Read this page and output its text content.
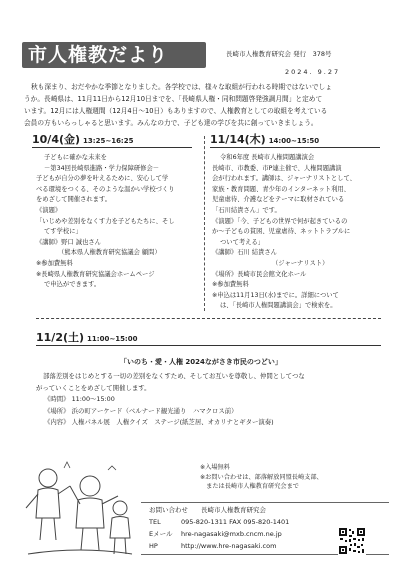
市人権教だより	長崎市人権教育研究会 発行　378号
2024. 9.27

秋も深まり、おだやかな季節となりました。各学校では、様々な取組が行われる時期ではないでしょ

うか。長崎県は、11月11日から12月10日までを、「長崎県人権・同和問題啓発強調月間」と定めて
います。12月には人権週間（12月4日～10日）もありますので、人権教育としての取組を考えている
会員の方もいらっしゃると思います。みんなの力で、子ども達の学びを共に創っていきましょう。
10/4(金) 13:25~16:25

子どもに確かな未来を

－第34回長崎県進路・学力保障研修会－

子どもが自分の夢を叶えるために、安心して学

べる環境をつくる、そのような温かい学校づくり

をめざして開催されます。

《演題》

「いじめや差別をなくす力を子どもたちに、そし

てす学校に」

《講師》野口 誠也さん

（熊本県人権教育研究協議会 顧問）

※参加費無料

※長崎県人権教育研究協議会ホームページ

で申込ができます。

11/14(木) 14:00~15:50

令和6年度 長崎市人権問題講演会

長崎市、市教委、市P連主催で、人権問題講演

会が行われます。講師は、ジャーナリストとして、

家族・教育問題、青少年のインターネット利用、

児童虐待、介護などをテーマに取材されている

「石川結貴さん」です。

《演題》「今、子どもの世界で何が起きているの

か～子どもの貧困、児童虐待、ネットトラブルに

ついて考える」

《講師》石川 結貴さん

（ジャーナリスト）

《場所》長崎市民会館文化ホール

※参加費無料

※申込は11月13日(水)までに。詳細について

は、「長崎市人権問題講演会」で検索を。

11/2(土) 11:00~15:00
「いのち・愛・人権 2024ながさき市民のつどい」

部落差別をはじめとする一切の差別をなくすため、そしてお互いを尊敬し、仲間としてつな

がっていくことをめざして開催します。

《時間》 11:00～15:00

《場所》 浜の町アーケード（ベルナード観光通り　ハマクロス前）

《内容》 人権パネル展　人権クイズ　ステージ(紙芝居、オカリナとギター演奏)

※入場無料

※お問い合わせは、部落解放同盟長崎支部、

　または長崎市人権教育研究会まで

お問い合わせ 長崎市人権教育研究会

TEL	095-820-1311 FAX 095-820-1401

Eメール hre-nagasaki@mxb.cncm.ne.jp

HP	http://www.hre-nagasaki.com
